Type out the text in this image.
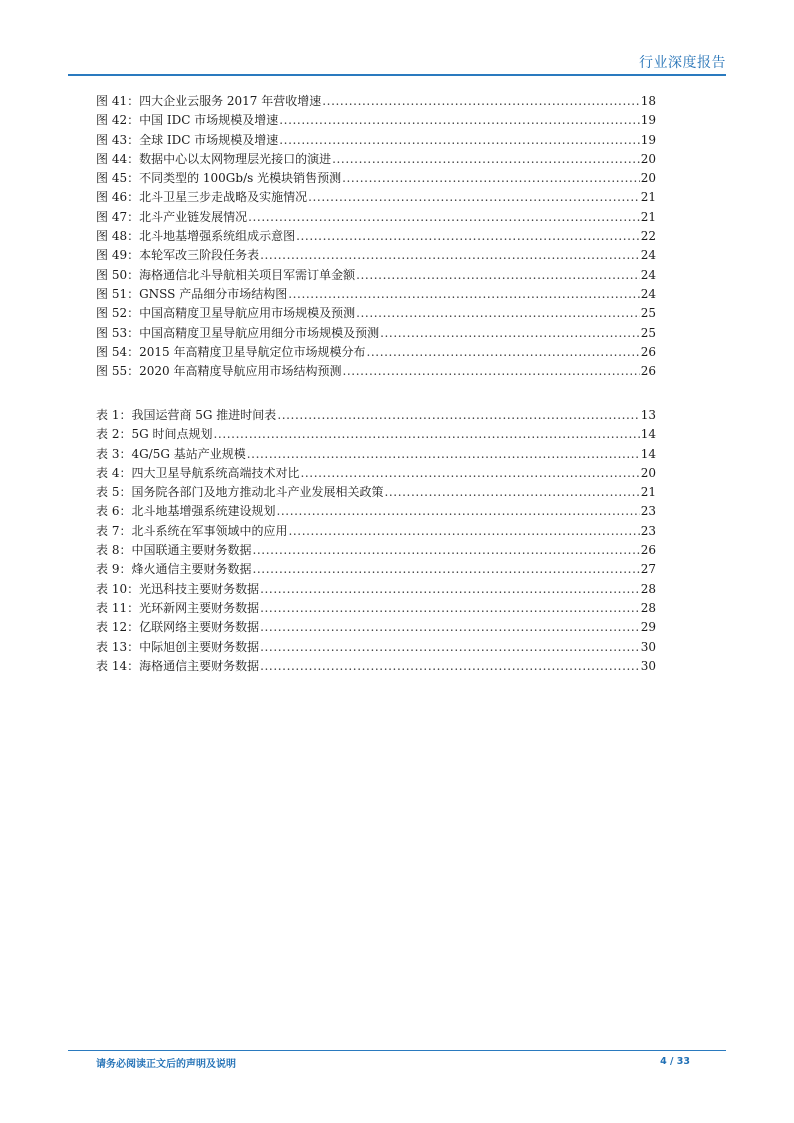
行业深度报告
图 41：四大企业云服务 2017 年营收增速 .....	18
图 42：中国 IDC 市场规模及增速 .....	19
图 43：全球 IDC 市场规模及增速 .....	19
图 44：数据中心以太网物理层光接口的演进 .....	20
图 45：不同类型的 100Gb/s 光模块销售预测 .....	20
图 46：北斗卫星三步走战略及实施情况 .....	21
图 47：北斗产业链发展情况 .....	21
图 48：北斗地基增强系统组成示意图 .....	22
图 49：本轮军改三阶段任务表 .....	24
图 50：海格通信北斗导航相关项目军需订单金额 .....	24
图 51：GNSS 产品细分市场结构图 .....	24
图 52：中国高精度卫星导航应用市场规模及预测 .....	25
图 53：中国高精度卫星导航应用细分市场规模及预测 .....	25
图 54：2015 年高精度卫星导航定位市场规模分布 .....	26
图 55：2020 年高精度导航应用市场结构预测 .....	26
表 1：我国运营商 5G 推进时间表 .....	13
表 2：5G 时间点规划 .....	14
表 3：4G/5G 基站产业规模 .....	14
表 4：四大卫星导航系统高端技术对比 .....	20
表 5：国务院各部门及地方推动北斗产业发展相关政策 .....	21
表 6：北斗地基增强系统建设规划 .....	23
表 7：北斗系统在军事领域中的应用 .....	23
表 8：中国联通主要财务数据 .....	26
表 9：烽火通信主要财务数据 .....	27
表 10：光迅科技主要财务数据 .....	28
表 11：光环新网主要财务数据 .....	28
表 12：亿联网络主要财务数据 .....	29
表 13：中际旭创主要财务数据 .....	30
表 14：海格通信主要财务数据 .....	30
请务必阅读正文后的声明及说明	4 / 33
